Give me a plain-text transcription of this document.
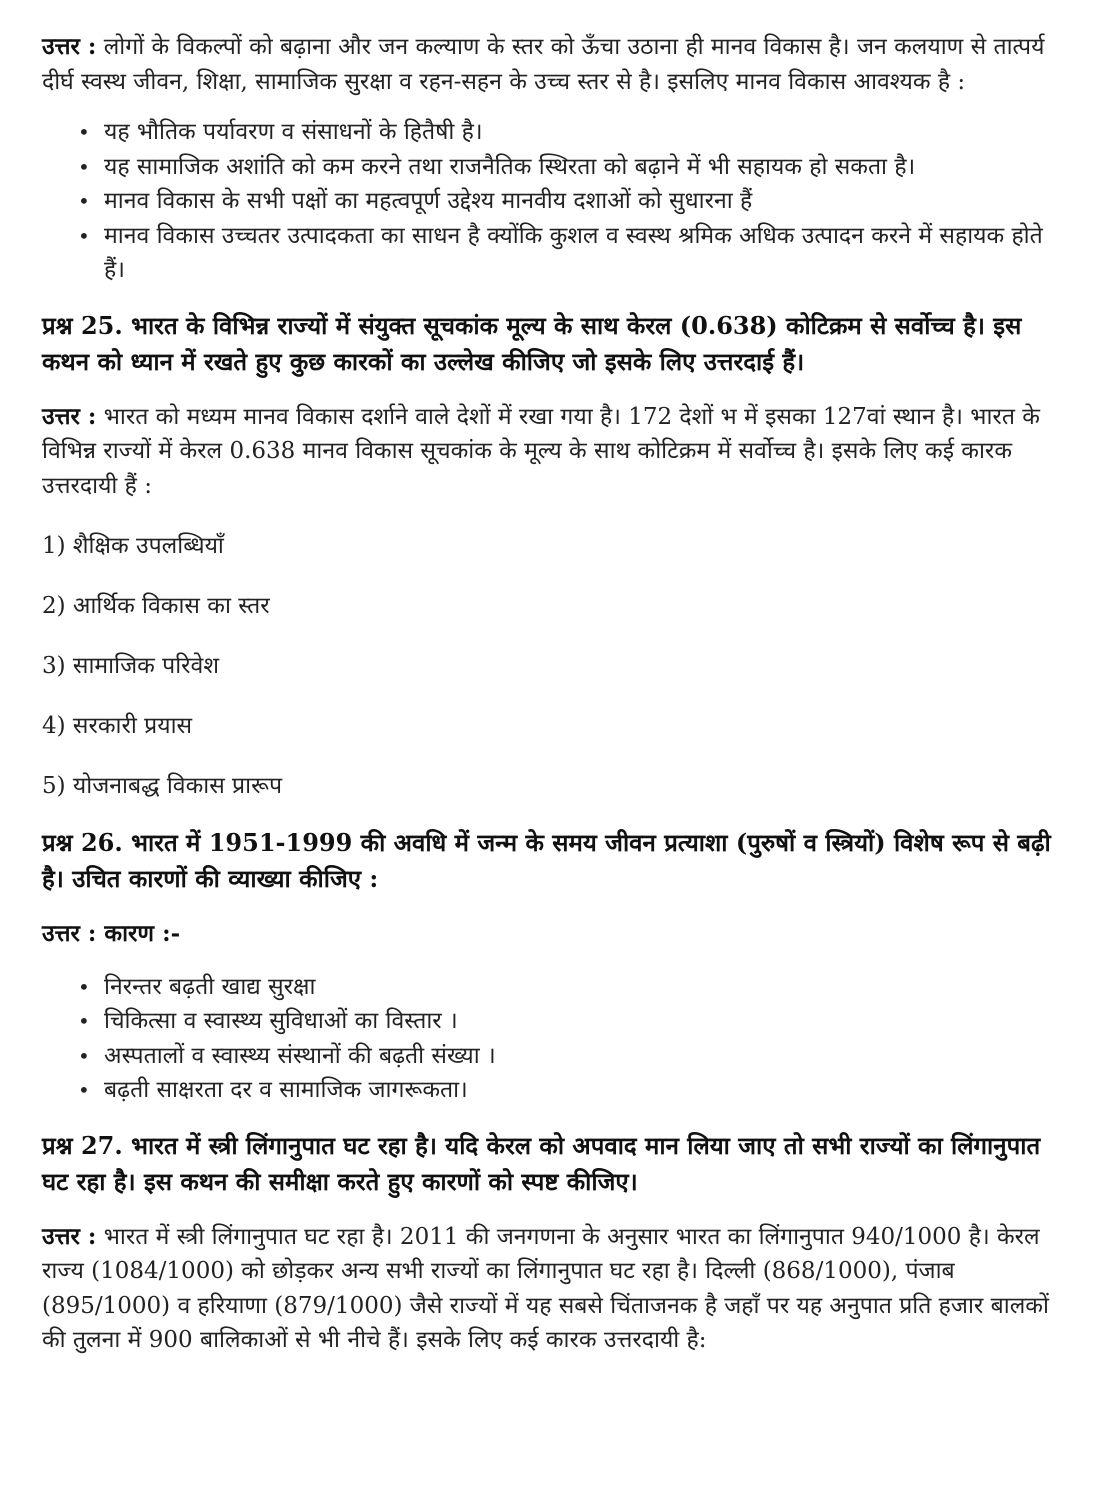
उत्तर : लोगों के विकल्पों को बढ़ाना और जन कल्याण के स्तर को ऊँचा उठाना ही मानव विकास है। जन कलयाण से तात्पर्य दीर्घ स्वस्थ जीवन, शिक्षा, सामाजिक सुरक्षा व रहन-सहन के उच्च स्तर से है। इसलिए मानव विकास आवश्यक है :

• यह भौतिक पर्यावरण व संसाधनों के हितैषी है।
• यह सामाजिक अशांति को कम करने तथा राजनैतिक स्थिरता को बढ़ाने में भी सहायक हो सकता है।
• मानव विकास के सभी पक्षों का महत्वपूर्ण उद्देश्य मानवीय दशाओं को सुधारना हैं
• मानव विकास उच्चतर उत्पादकता का साधन है क्योंकि कुशल व स्वस्थ श्रमिक अधिक उत्पादन करने में सहायक होते हैं।

प्रश्न 25. भारत के विभिन्न राज्यों में संयुक्त सूचकांक मूल्य के साथ केरल (0.638) कोटिक्रम से सर्वोच्च है। इस कथन को ध्यान में रखते हुए कुछ कारकों का उल्लेख कीजिए जो इसके लिए उत्तरदाई हैं।

उत्तर : भारत को मध्यम मानव विकास दर्शाने वाले देशों में रखा गया है। 172 देशों भ में इसका 127वां स्थान है। भारत के विभिन्न राज्यों में केरल 0.638 मानव विकास सूचकांक के मूल्य के साथ कोटिक्रम में सर्वोच्च है। इसके लिए कई कारक उत्तरदायी हैं :

1) शैक्षिक उपलब्धियाँ

2) आर्थिक विकास का स्तर

3) सामाजिक परिवेश

4) सरकारी प्रयास

5) योजनाबद्ध विकास प्रारूप

प्रश्न 26. भारत में 1951-1999 की अवधि में जन्म के समय जीवन प्रत्याशा (पुरुषों व स्त्रियों) विशेष रूप से बढ़ी है। उचित कारणों की व्याख्या कीजिए :

उत्तर : कारण :-

• निरन्तर बढ़ती खाद्य सुरक्षा
• चिकित्सा व स्वास्थ्य सुविधाओं का विस्तार ।
• अस्पतालों व स्वास्थ्य संस्थानों की बढ़ती संख्या ।
• बढ़ती साक्षरता दर व सामाजिक जागरूकता।

प्रश्न 27. भारत में स्त्री लिंगानुपात घट रहा है। यदि केरल को अपवाद मान लिया जाए तो सभी राज्यों का लिंगानुपात घट रहा है। इस कथन की समीक्षा करते हुए कारणों को स्पष्ट कीजिए।

उत्तर : भारत में स्त्री लिंगानुपात घट रहा है। 2011 की जनगणना के अनुसार भारत का लिंगानुपात 940/1000 है। केरल राज्य (1084/1000) को छोड़कर अन्य सभी राज्यों का लिंगानुपात घट रहा है। दिल्ली (868/1000), पंजाब (895/1000) व हरियाणा (879/1000) जैसे राज्यों में यह सबसे चिंताजनक है जहाँ पर यह अनुपात प्रति हजार बालकों की तुलना में 900 बालिकाओं से भी नीचे हैं। इसके लिए कई कारक उत्तरदायी है:
